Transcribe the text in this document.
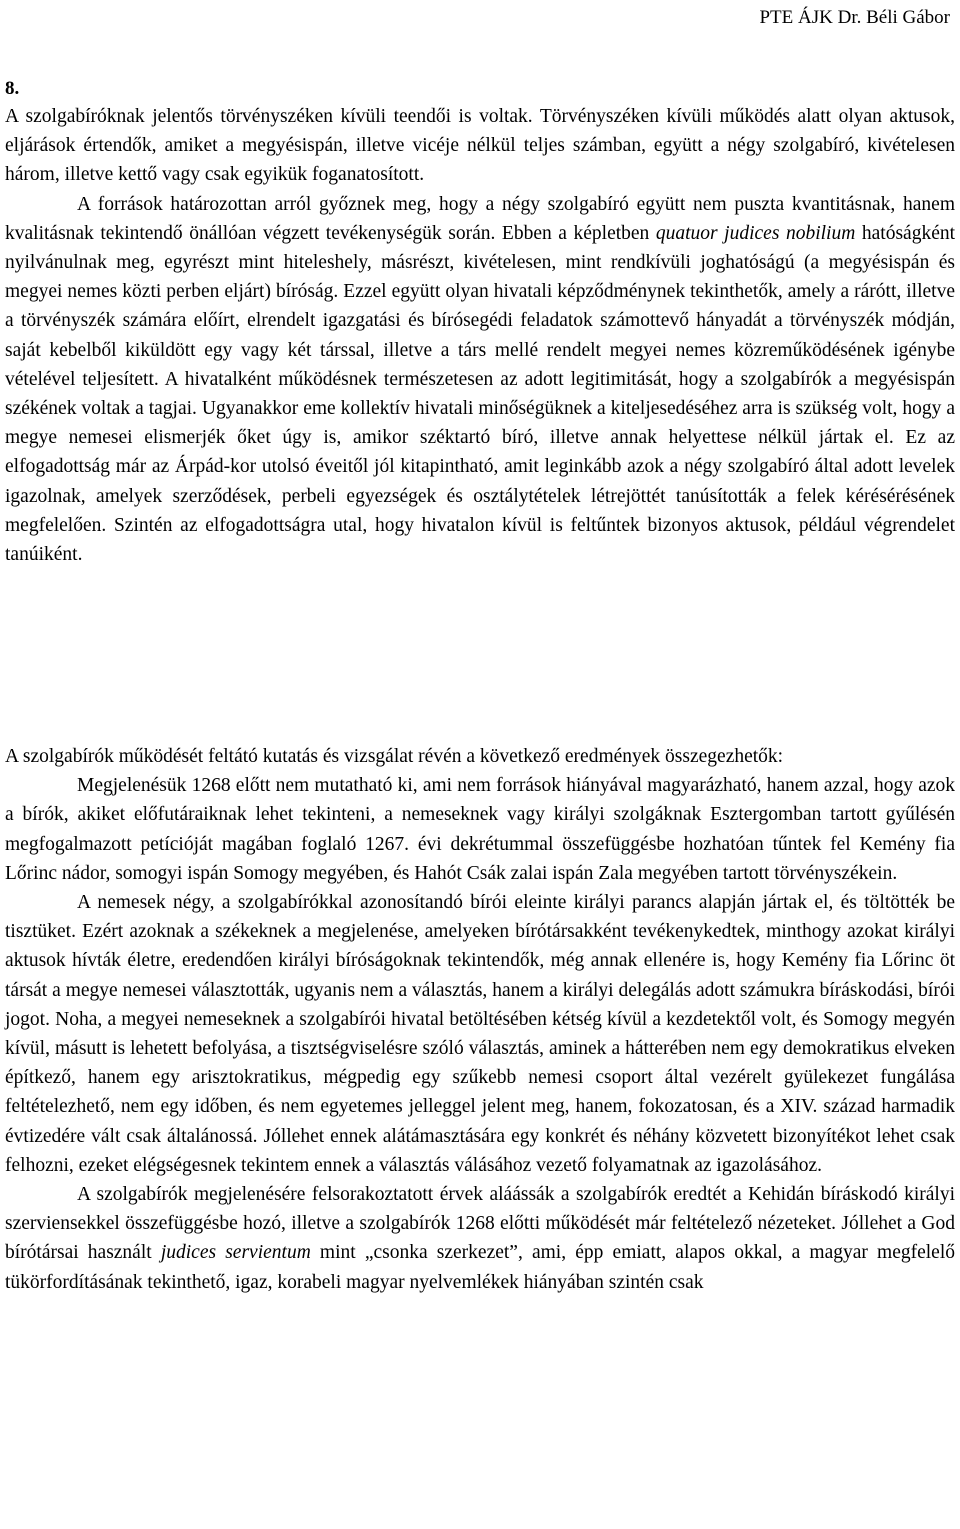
PTE ÁJK Dr. Béli Gábor
8.

A szolgabíróknak jelentős törvényszéken kívüli teendői is voltak. Törvényszéken kívüli működés alatt olyan aktusok, eljárások értendők, amiket a megyésispán, illetve vicéje nélkül teljes számban, együtt a négy szolgabíró, kivételesen három, illetve kettő vagy csak egyikük foganatosított.

A források határozottan arról győznek meg, hogy a négy szolgabíró együtt nem puszta kvantitásnak, hanem kvalitásnak tekintendő önállóan végzett tevékenységük során. Ebben a képletben quatuor judices nobilium hatóságként nyilvánulnak meg, egyrészt mint hiteleshely, másrészt, kivételesen, mint rendkívüli joghatóságú (a megyésispán és megyei nemes közti perben eljárt) bíróság. Ezzel együtt olyan hivatali képződménynek tekinthetők, amely a rárótt, illetve a törvényszék számára előírt, elrendelt igazgatási és bírósegédi feladatok számottevő hányadát a törvényszék módján, saját kebelből kiküldött egy vagy két társsal, illetve a társ mellé rendelt megyei nemes közreműködésének igénybe vételével teljesített. A hivatalként működésnek természetesen az adott legitimitását, hogy a szolgabírók a megyésispán székének voltak a tagjai. Ugyanakkor eme kollektív hivatali minőségüknek a kiteljesedéséhez arra is szükség volt, hogy a megye nemesei elismerjék őket úgy is, amikor széktartó bíró, illetve annak helyettese nélkül jártak el. Ez az elfogadottság már az Árpád-kor utolsó éveitől jól kitapintható, amit leginkább azok a négy szolgabíró által adott levelek igazolnak, amelyek szerződések, perbeli egyezségek és osztálytételek létrejöttét tanúsították a felek kérésérésének megfelelően. Szintén az elfogadottságra utal, hogy hivatalon kívül is feltűntek bizonyos aktusok, például végrendelet tanúiként.

A szolgabírók működését feltátó kutatás és vizsgálat révén a következő eredmények összegezhetők:

Megjelenésük 1268 előtt nem mutatható ki, ami nem források hiányával magyarázható, hanem azzal, hogy azok a bírók, akiket előfutáraiknak lehet tekinteni, a nemeseknek vagy királyi szolgáknak Esztergomban tartott gyűlésén megfogalmazott petícióját magában foglaló 1267. évi dekrétummal összefüggésbe hozhatóan tűntek fel Kemény fia Lőrinc nádor, somogyi ispán Somogy megyében, és Hahót Csák zalai ispán Zala megyében tartott törvényszékein.

A nemesek négy, a szolgabírókkal azonosítandó bírói eleinte királyi parancs alapján jártak el, és töltötték be tisztüket. Ezért azoknak a székeknek a megjelenése, amelyeken bírótársakként tevékenykedtek, minthogy azokat királyi aktusok hívták életre, eredendően királyi bíróságoknak tekintendők, még annak ellenére is, hogy Kemény fia Lőrinc öt társát a megye nemesei választották, ugyanis nem a választás, hanem a királyi delegálás adott számukra bíráskodási, bírói jogot. Noha, a megyei nemeseknek a szolgabírói hivatal betöltésében kétség kívül a kezdetektől volt, és Somogy megyén kívül, másutt is lehetett befolyása, a tisztségviselésre szóló választás, aminek a hátterében nem egy demokratikus elveken építkező, hanem egy arisztokratikus, mégpedig egy szűkebb nemesi csoport által vezérelt gyülekezet fungálása feltételezhető, nem egy időben, és nem egyetemes jelleggel jelent meg, hanem, fokozatosan, és a XIV. század harmadik évtizedére vált csak általánossá. Jóllehet ennek alátámasztására egy konkrét és néhány közvetett bizonyítékot lehet csak felhozni, ezeket elégségesnek tekintem ennek a választás válásához vezető folyamatnak az igazolásához.

A szolgabírók megjelenésére felsorakoztatott érvek aláássák a szolgabírók eredtét a Kehidán bíráskodó királyi szerviensekkel összefüggésbe hozó, illetve a szolgabírók 1268 előtti működését már feltételező nézeteket. Jóllehet a God bírótársai használt judices servientum mint „csonka szerkezet”, ami, épp emiatt, alapos okkal, a magyar megfelelő tükörfordításának tekinthető, igaz, korabeli magyar nyelvemlékek hiányában szintén csak
